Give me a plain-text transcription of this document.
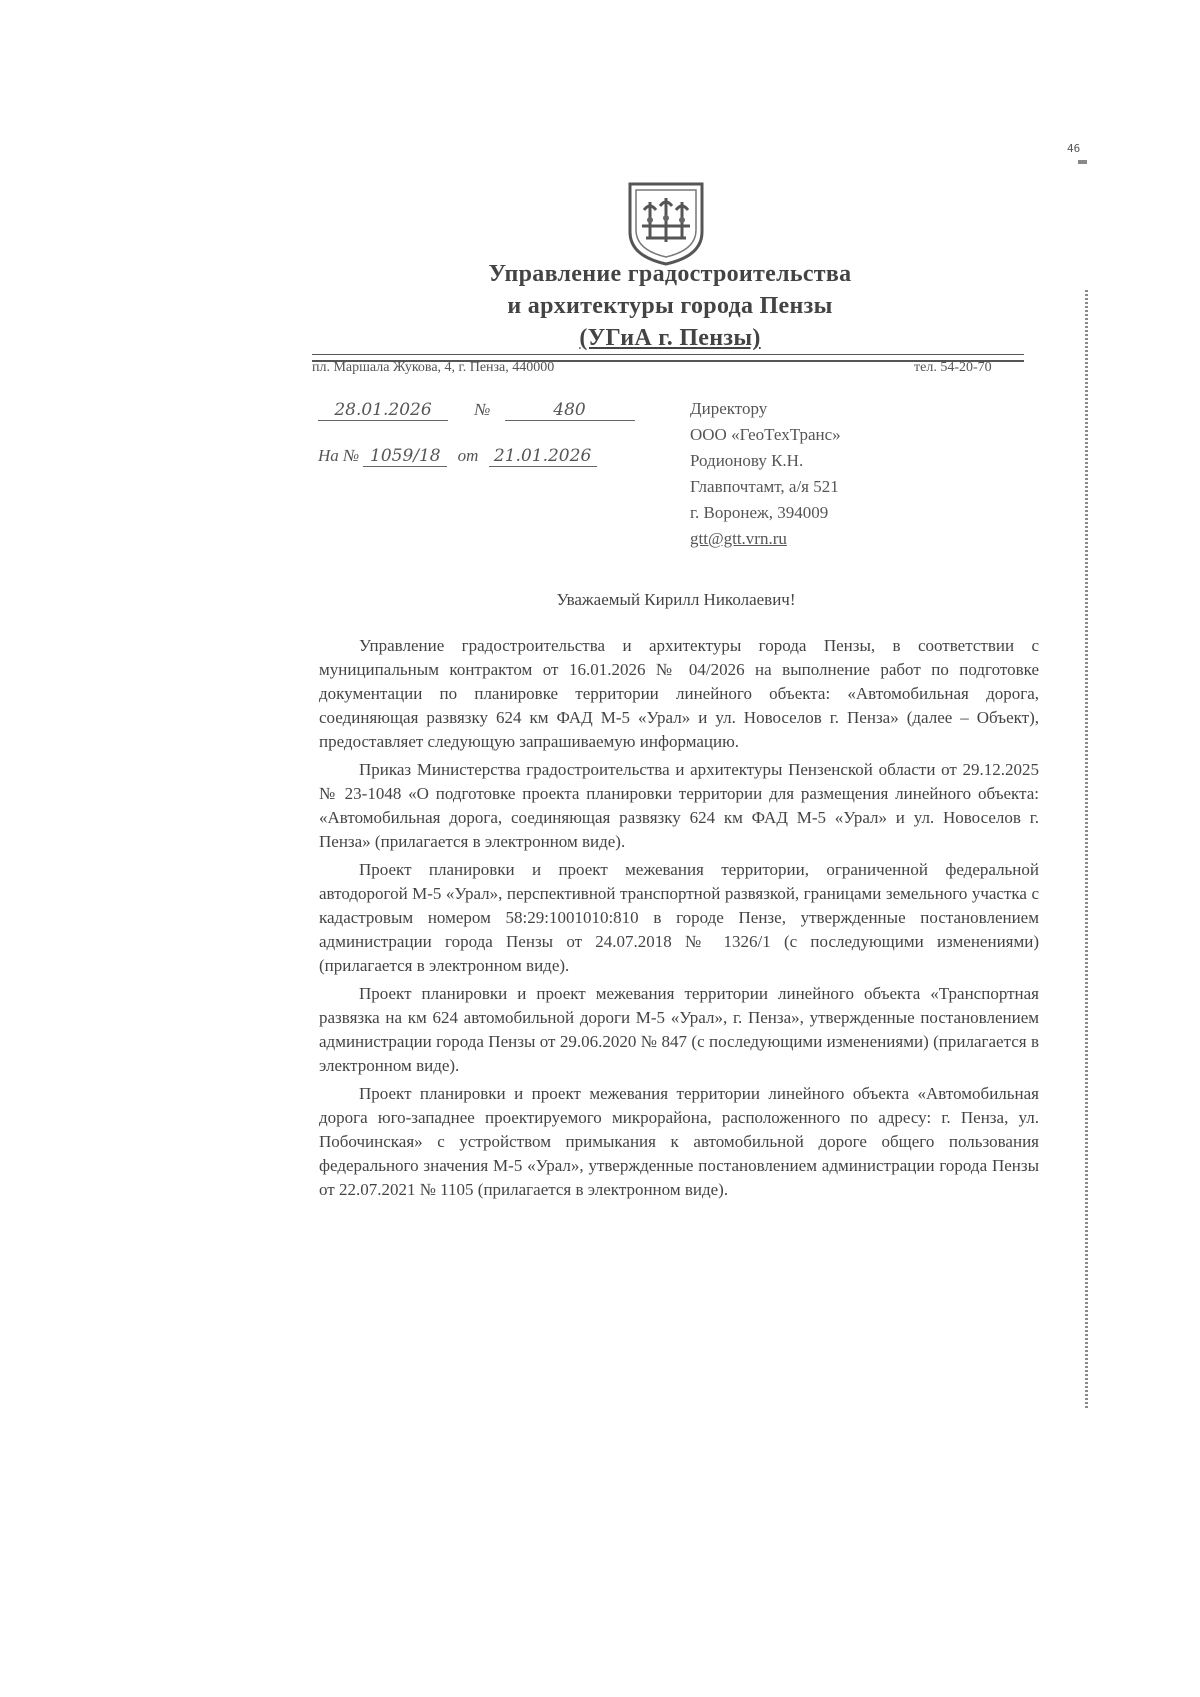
46
Управление градостроительства
и архитектуры города Пензы
(УГиА г. Пензы)
пл. Маршала Жукова, 4, г. Пенза, 440000	тел. 54-20-70
28.01.2026	№	480
На № 1059/18 от 21.01.2026
Директору
ООО «ГеоТехТранс»
Родионову К.Н.
Главпочтамт, а/я 521
г. Воронеж, 394009
gtt@gtt.vrn.ru
Уважаемый Кирилл Николаевич!

Управление градостроительства и архитектуры города Пензы, в соответствии с муниципальным контрактом от 16.01.2026 № 04/2026 на выполнение работ по подготовке документации по планировке территории линейного объекта: «Автомобильная дорога, соединяющая развязку 624 км ФАД М-5 «Урал» и ул. Новоселов г. Пенза» (далее – Объект), предоставляет следующую запрашиваемую информацию.

Приказ Министерства градостроительства и архитектуры Пензенской области от 29.12.2025 № 23-1048 «О подготовке проекта планировки территории для размещения линейного объекта: «Автомобильная дорога, соединяющая развязку 624 км ФАД М-5 «Урал» и ул. Новоселов г. Пенза» (прилагается в электронном виде).

Проект планировки и проект межевания территории, ограниченной федеральной автодорогой М-5 «Урал», перспективной транспортной развязкой, границами земельного участка с кадастровым номером 58:29:1001010:810 в городе Пензе, утвержденные постановлением администрации города Пензы от 24.07.2018 № 1326/1 (с последующими изменениями) (прилагается в электронном виде).

Проект планировки и проект межевания территории линейного объекта «Транспортная развязка на км 624 автомобильной дороги М-5 «Урал», г. Пенза», утвержденные постановлением администрации города Пензы от 29.06.2020 № 847 (с последующими изменениями) (прилагается в электронном виде).

Проект планировки и проект межевания территории линейного объекта «Автомобильная дорога юго-западнее проектируемого микрорайона, расположенного по адресу: г. Пенза, ул. Побочинская» с устройством примыкания к автомобильной дороге общего пользования федерального значения М-5 «Урал», утвержденные постановлением администрации города Пензы от 22.07.2021 № 1105 (прилагается в электронном виде).
